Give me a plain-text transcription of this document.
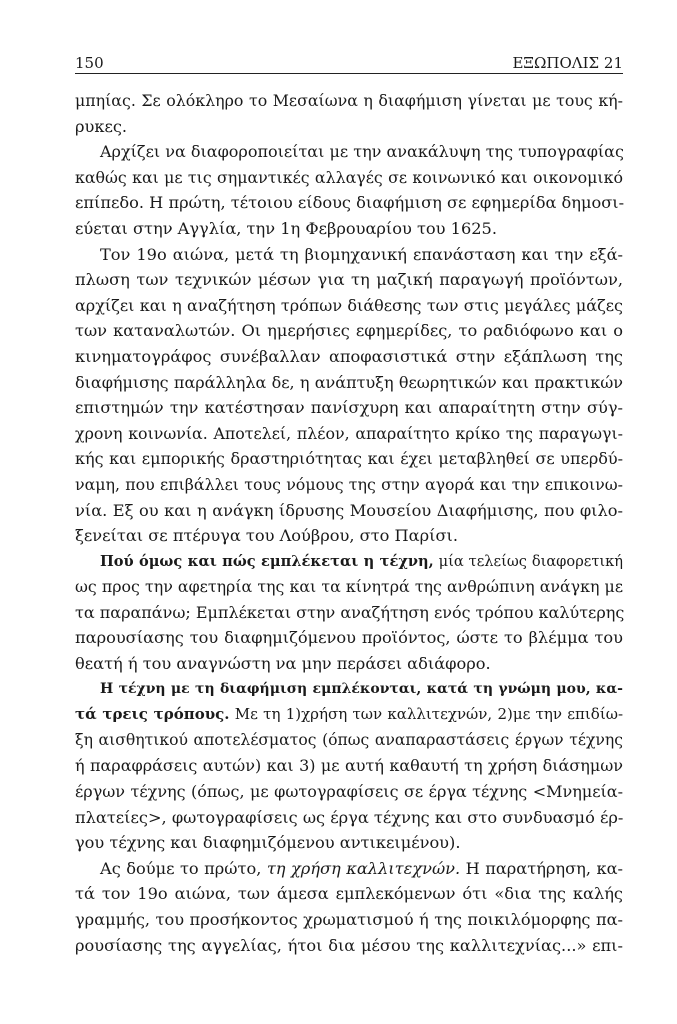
150	ΕΞΩΠΟΛΙΣ 21
μπηίας. Σε ολόκληρο το Μεσαίωνα η διαφήμιση γίνεται με τους κή-
ρυκες.
Αρχίζει να διαφοροποιείται με την ανακάλυψη της τυπογραφίας
καθώς και με τις σημαντικές αλλαγές σε κοινωνικό και οικονομικό
επίπεδο. Η πρώτη, τέτοιου είδους διαφήμιση σε εφημερίδα δημοσι-
εύεται στην Αγγλία, την 1η Φεβρουαρίου του 1625.
Τον 19ο αιώνα, μετά τη βιομηχανική επανάσταση και την εξά-
πλωση των τεχνικών μέσων για τη μαζική παραγωγή προϊόντων,
αρχίζει και η αναζήτηση τρόπων διάθεσης των στις μεγάλες μάζες
των καταναλωτών. Οι ημερήσιες εφημερίδες, το ραδιόφωνο και ο
κινηματογράφος συνέβαλλαν αποφασιστικά στην εξάπλωση της
διαφήμισης παράλληλα δε, η ανάπτυξη θεωρητικών και πρακτικών
επιστημών την κατέστησαν πανίσχυρη και απαραίτητη στην σύγ-
χρονη κοινωνία. Αποτελεί, πλέον, απαραίτητο κρίκο της παραγωγι-
κής και εμπορικής δραστηριότητας και έχει μεταβληθεί σε υπερδύ-
ναμη, που επιβάλλει τους νόμους της στην αγορά και την επικοινω-
νία. Εξ ου και η ανάγκη ίδρυσης Μουσείου Διαφήμισης, που φιλο-
ξενείται σε πτέρυγα του Λούβρου, στο Παρίσι.
Πού όμως και πώς εμπλέκεται η τέχνη, μία τελείως διαφορετική
ως προς την αφετηρία της και τα κίνητρά της ανθρώπινη ανάγκη με
τα παραπάνω; Εμπλέκεται στην αναζήτηση ενός τρόπου καλύτερης
παρουσίασης του διαφημιζόμενου προϊόντος, ώστε το βλέμμα του
θεατή ή του αναγνώστη να μην περάσει αδιάφορο.
Η τέχνη με τη διαφήμιση εμπλέκονται, κατά τη γνώμη μου, κα-
τά τρεις τρόπους. Με τη 1)χρήση των καλλιτεχνών, 2)με την επιδίω-
ξη αισθητικού αποτελέσματος (όπως αναπαραστάσεις έργων τέχνης
ή παραφράσεις αυτών) και 3) με αυτή καθαυτή τη χρήση διάσημων
έργων τέχνης (όπως, με φωτογραφίσεις σε έργα τέχνης <Μνημεία-
πλατείες>, φωτογραφίσεις ως έργα τέχνης και στο συνδυασμό έρ-
γου τέχνης και διαφημιζόμενου αντικειμένου).
Ας δούμε το πρώτο, τη χρήση καλλιτεχνών. Η παρατήρηση, κα-
τά τον 19ο αιώνα, των άμεσα εμπλεκόμενων ότι «δια της καλής
γραμμής, του προσήκοντος χρωματισμού ή της ποικιλόμορφης πα-
ρουσίασης της αγγελίας, ήτοι δια μέσου της καλλιτεχνίας...» επι-
